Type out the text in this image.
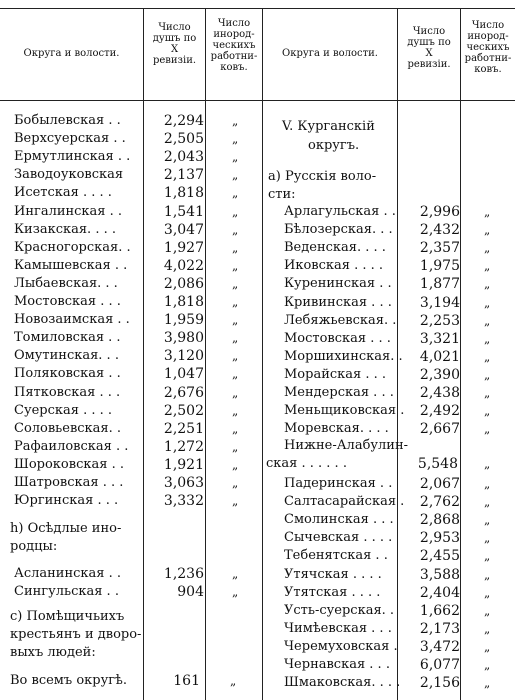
Округа и волости.
Число
душъ по
X
ревизіи.
Число
инород-
ческихъ
работни-
ковъ.
Округа и волости.
Число
душъ по
X
ревизіи.
Число
инород-
ческихъ
работни-
ковъ.
Бобылевская . .	2,294 „
Верхсуерская . .	2,505 „
Ермутлинская . .	2,043 „
Заводоуковская	2,137 „
Исетская . . . .	1,818 „
Ингалинская . .	1,541 „
Кизакская. . . .	3,047 „
Красногорская. .	1,927 „
Камышевская . .	4,022 „
Лыбаевская. . .	2,086 „
Мостовская . . .	1,818 „
Новозаимская . .	1,959 „
Томиловская . .	3,980 „
Омутинская. . .	3,120 „
Поляковская . .	1,047 „
Пятковская . . .	2,676 „
Суерская . . . .	2,502 „
Соловьевская. .	2,251 „
Рафаиловская . .	1,272 „
Шороковская . .	1,921 „
Шатровская . . .	3,063 „
Юргинская . . .	3,332 „
h) Осѣдлые ино-
родцы:
Асланинская . .	1,236 „
Сингульская . .	904 „
с) Помѣщичьихъ
крестьянъ и дворо-
выхъ людей:
Во всемъ округѣ.	161	„
V. Курганскій
округъ.
а) Русскія воло-
сти:
Арлагульская . .	2,996 „
Бѣлозерская. . .	2,432 „
Веденская. . . .	2,357 „
Иковская . . . .	1,975 „
Куренинская . .	1,877 „
Кривинская . . .	3,194 „
Лебяжьевская. .	2,253 „
Мостовская . . .	3,321 „
Моршихинская. .	4,021 „
Морайская . . .	2,390 „
Мендерская . . .	2,438 „
Меньщиковская .	2,492 „
Моревская. . . .	2,667 „
Нижне-Алабулин-
ская . . . . . .	5,548 „
Падеринская . .	2,067 „
Салтасарайская .	2,762 „
Смолинская . . .	2,868 „
Сычевская . . . .	2,953 „
Тебенятская . .	2,455 „
Утячская . . . .	3,588 „
Утятская . . . .	2,404 „
Усть-суерская. .	1,662 „
Чимѣевская . . .	2,173 „
Черемуховская .	3,472 „
Чернавская . . .	6,077 „
Шмаковская. . . .	2,156 „
